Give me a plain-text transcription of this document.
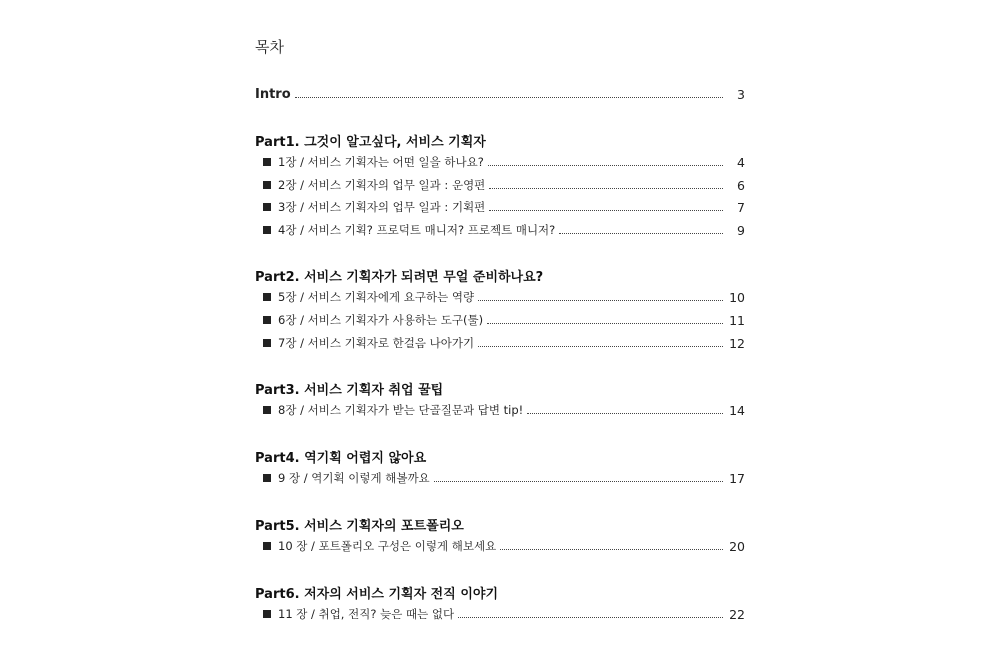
목차
Intro	3
Part1. 그것이 알고싶다, 서비스 기획자
1장 / 서비스 기획자는 어떤 일을 하나요?	4
2장 / 서비스 기획자의 업무 일과 : 운영편	6
3장 / 서비스 기획자의 업무 일과 : 기획편	7
4장 / 서비스 기획? 프로덕트 매니저? 프로젝트 매니저?	9
Part2. 서비스 기획자가 되려면 무얼 준비하나요?
5장 / 서비스 기획자에게 요구하는 역량	10
6장 / 서비스 기획자가 사용하는 도구(툴)	11
7장 / 서비스 기획자로 한걸음 나아가기	12
Part3. 서비스 기획자 취업 꿀팁
8장 / 서비스 기획자가 받는 단골질문과 답변 tip!	14
Part4. 역기획 어렵지 않아요
9 장 / 역기획 이렇게 해볼까요	17
Part5. 서비스 기획자의 포트폴리오
10 장 / 포트폴리오 구성은 이렇게 해보세요	20
Part6. 저자의 서비스 기획자 전직 이야기
11 장 / 취업, 전직? 늦은 때는 없다	22
